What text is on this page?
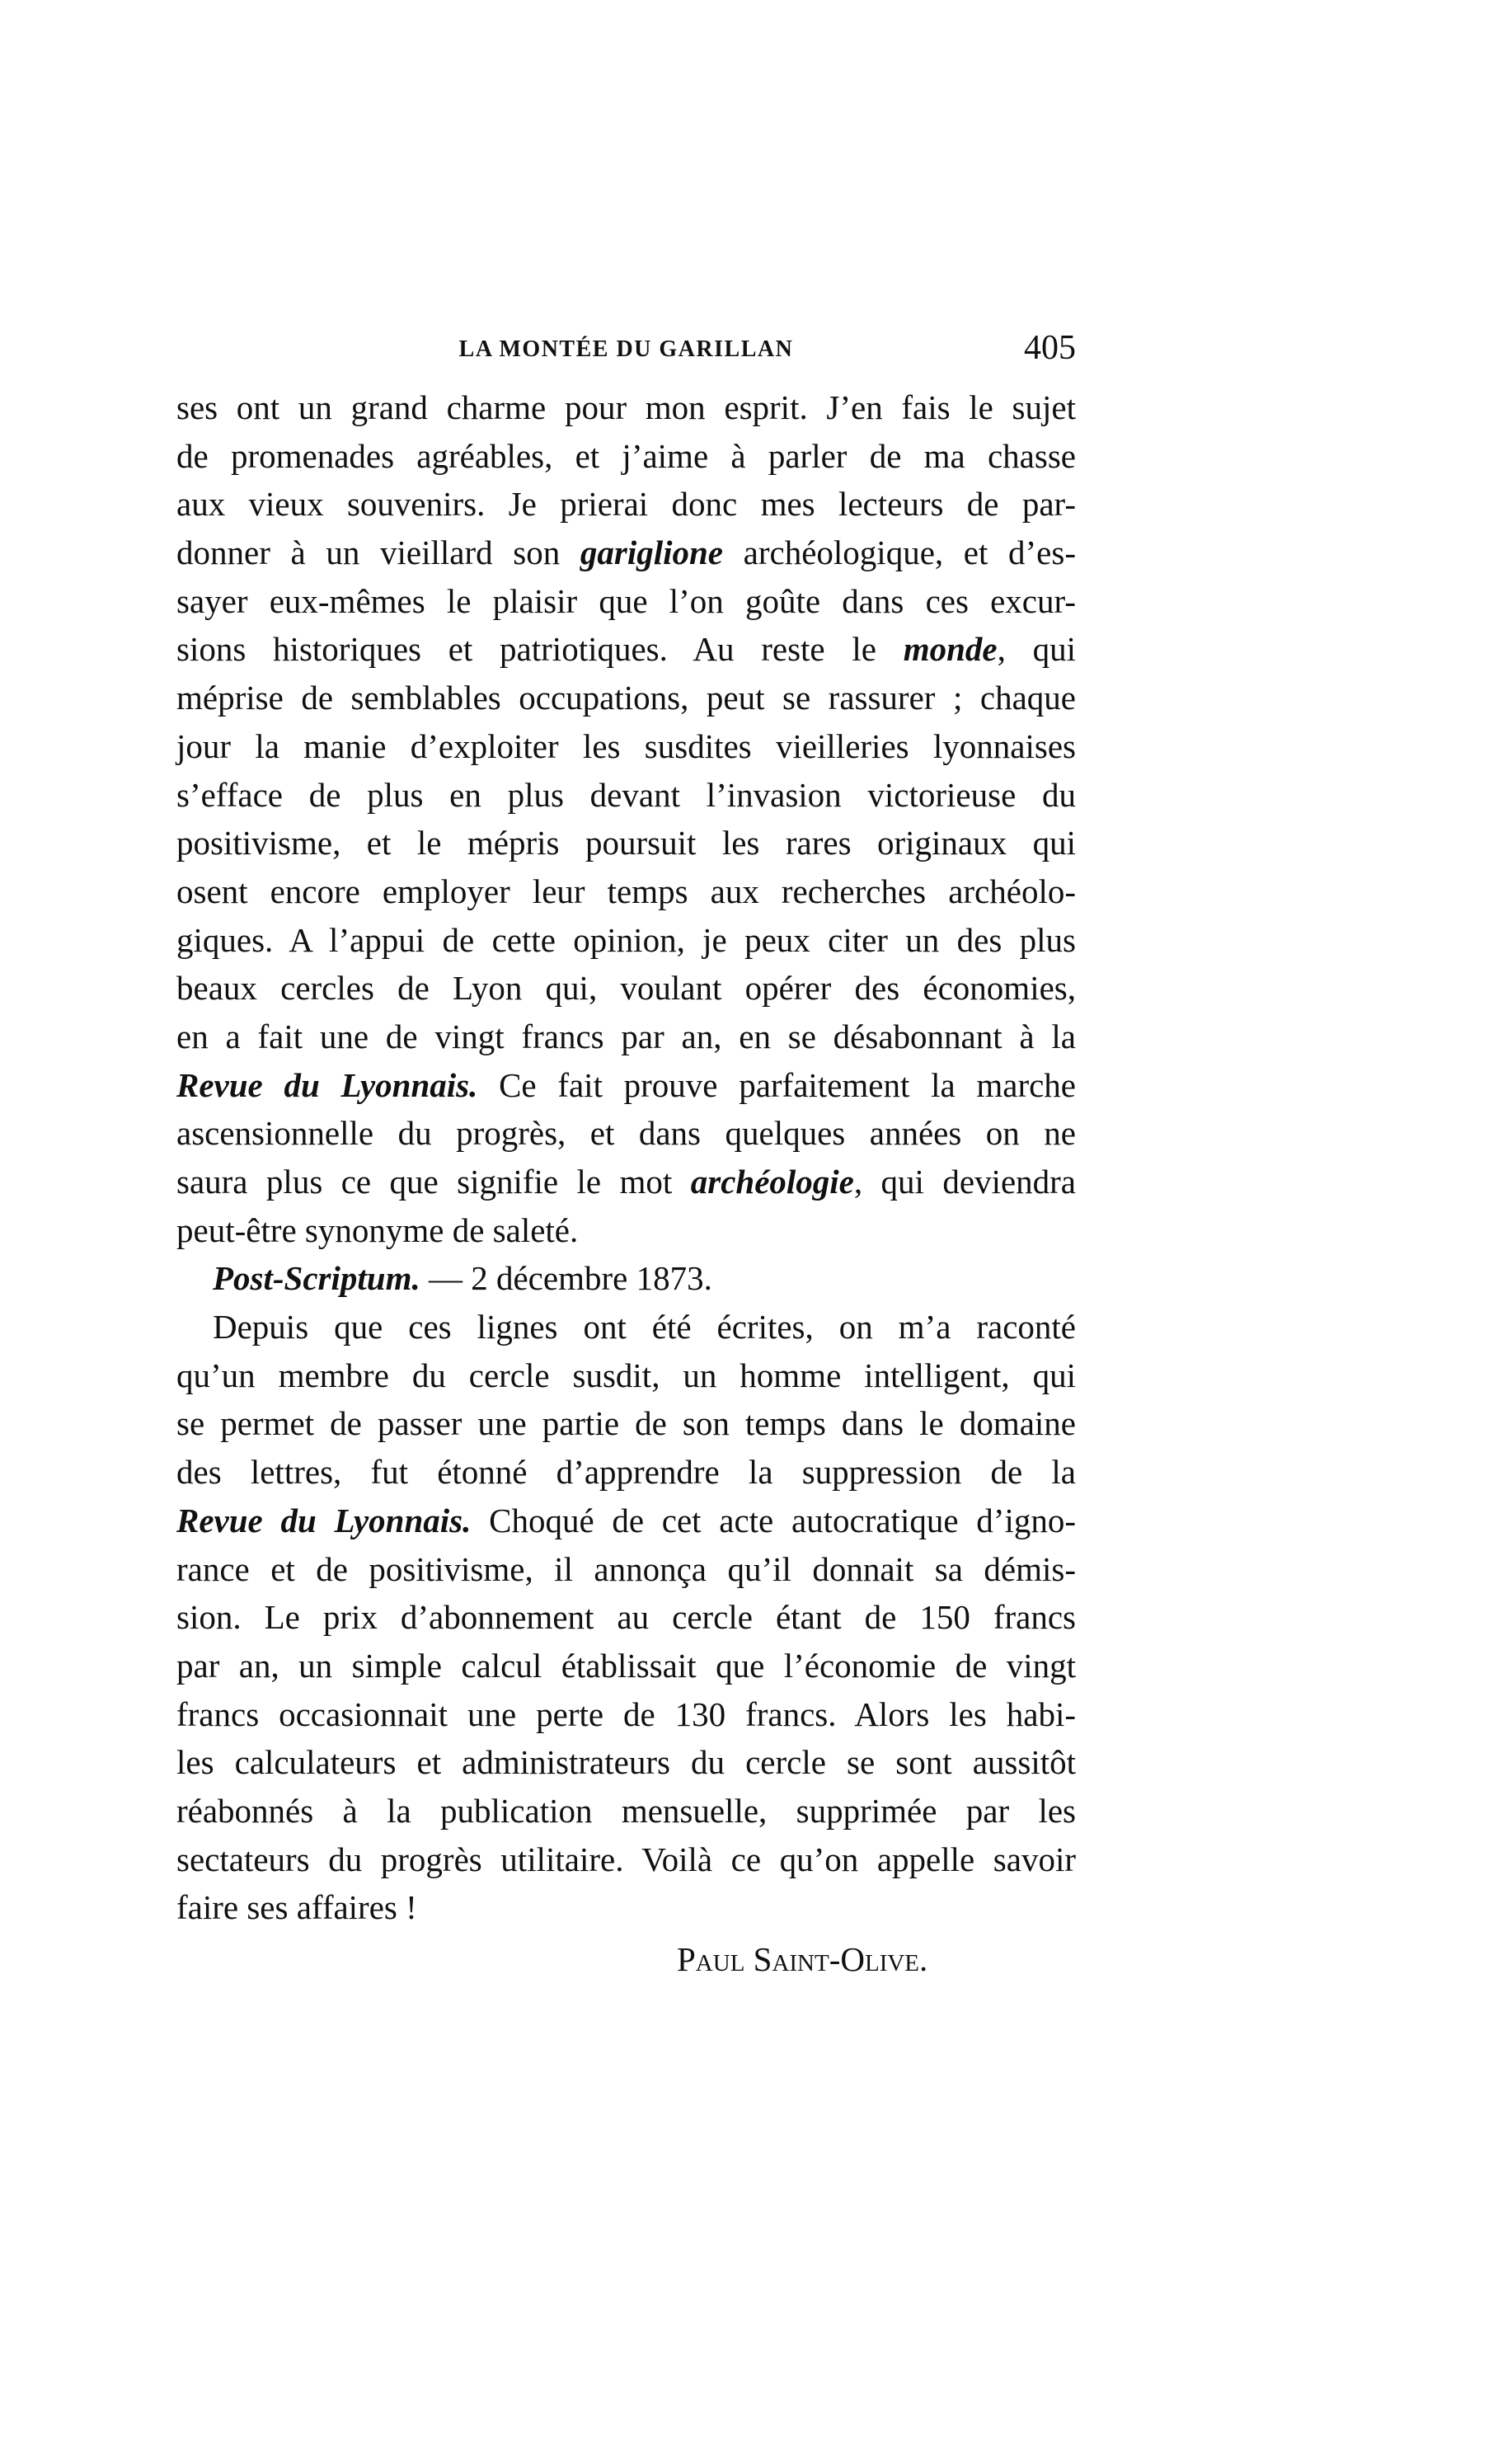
LA MONTÉE DU GARILLAN	405
ses ont un grand charme pour mon esprit. J’en fais le sujet
de promenades agréables, et j’aime à parler de ma chasse
aux vieux souvenirs. Je prierai donc mes lecteurs de par-
donner à un vieillard son gariglione archéologique, et d’es-
sayer eux-mêmes le plaisir que l’on goûte dans ces excur-
sions historiques et patriotiques. Au reste le monde, qui
méprise de semblables occupations, peut se rassurer ; chaque
jour la manie d’exploiter les susdites vieilleries lyonnaises
s’efface de plus en plus devant l’invasion victorieuse du
positivisme, et le mépris poursuit les rares originaux qui
osent encore employer leur temps aux recherches archéolo-
giques. A l’appui de cette opinion, je peux citer un des plus
beaux cercles de Lyon qui, voulant opérer des économies,
en a fait une de vingt francs par an, en se désabonnant à la
Revue du Lyonnais. Ce fait prouve parfaitement la marche
ascensionnelle du progrès, et dans quelques années on ne
saura plus ce que signifie le mot archéologie, qui deviendra
peut-être synonyme de saleté.
Post-Scriptum. — 2 décembre 1873.
Depuis que ces lignes ont été écrites, on m’a raconté
qu’un membre du cercle susdit, un homme intelligent, qui
se permet de passer une partie de son temps dans le domaine
des lettres, fut étonné d’apprendre la suppression de la
Revue du Lyonnais. Choqué de cet acte autocratique d’igno-
rance et de positivisme, il annonça qu’il donnait sa démis-
sion. Le prix d’abonnement au cercle étant de 150 francs
par an, un simple calcul établissait que l’économie de vingt
francs occasionnait une perte de 130 francs. Alors les habi-
les calculateurs et administrateurs du cercle se sont aussitôt
réabonnés à la publication mensuelle, supprimée par les
sectateurs du progrès utilitaire. Voilà ce qu’on appelle savoir
faire ses affaires !
Paul Saint-Olive.
